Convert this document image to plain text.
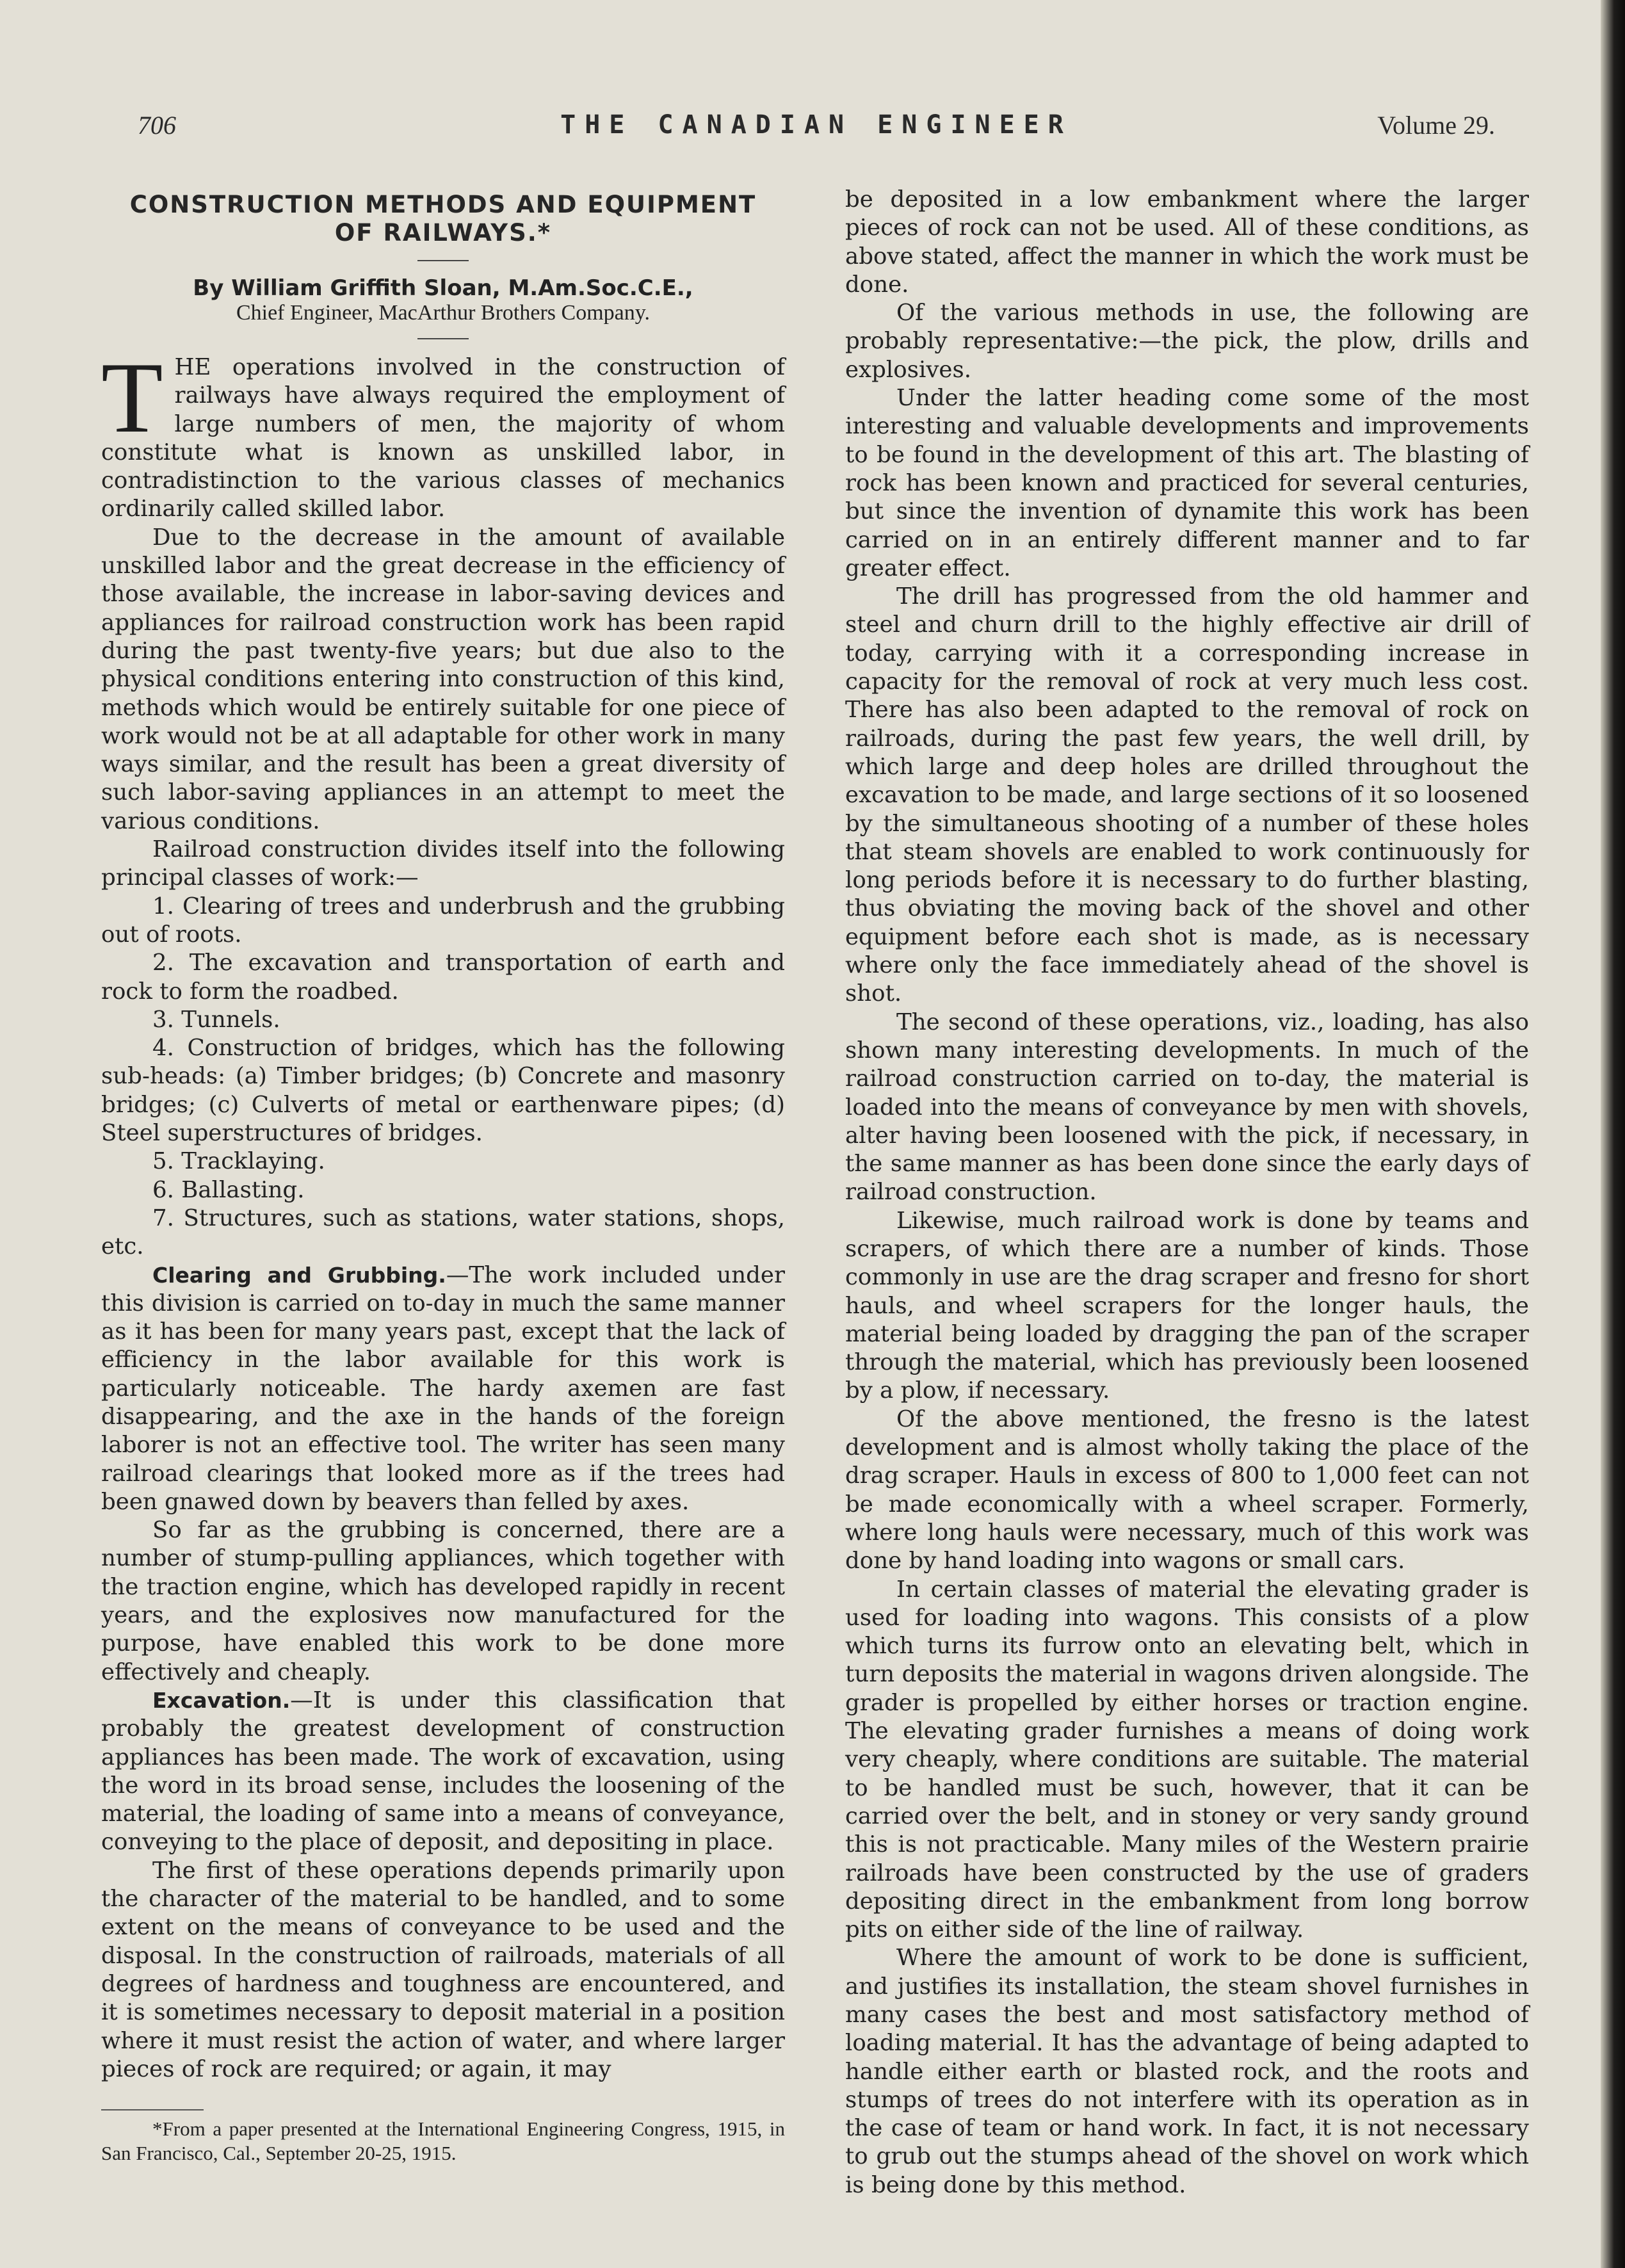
706	THE CANADIAN ENGINEER	Volume 29.
CONSTRUCTION METHODS AND EQUIPMENT
OF RAILWAYS.*
By William Griffith Sloan, M.Am.Soc.C.E.,
Chief Engineer, MacArthur Brothers Company.

THE operations involved in the construction of railways have always required the employment of large numbers of men, the majority of whom constitute what is known as unskilled labor, in contradistinction to the various classes of mechanics ordinarily called skilled labor.

Due to the decrease in the amount of available unskilled labor and the great decrease in the efficiency of those available, the increase in labor-saving devices and appliances for railroad construction work has been rapid during the past twenty-five years; but due also to the physical conditions entering into construction of this kind, methods which would be entirely suitable for one piece of work would not be at all adaptable for other work in many ways similar, and the result has been a great diversity of such labor-saving appliances in an attempt to meet the various conditions.

Railroad construction divides itself into the following principal classes of work:—

1. Clearing of trees and underbrush and the grubbing out of roots.

2. The excavation and transportation of earth and rock to form the roadbed.

3. Tunnels.

4. Construction of bridges, which has the following sub-heads: (a) Timber bridges; (b) Concrete and masonry bridges; (c) Culverts of metal or earthenware pipes; (d) Steel superstructures of bridges.

5. Tracklaying.

6. Ballasting.

7. Structures, such as stations, water stations, shops, etc.

Clearing and Grubbing.—The work included under this division is carried on to-day in much the same manner as it has been for many years past, except that the lack of efficiency in the labor available for this work is particularly noticeable. The hardy axemen are fast disappearing, and the axe in the hands of the foreign laborer is not an effective tool. The writer has seen many railroad clearings that looked more as if the trees had been gnawed down by beavers than felled by axes.

So far as the grubbing is concerned, there are a number of stump-pulling appliances, which together with the traction engine, which has developed rapidly in recent years, and the explosives now manufactured for the purpose, have enabled this work to be done more effectively and cheaply.

Excavation.—It is under this classification that probably the greatest development of construction appliances has been made. The work of excavation, using the word in its broad sense, includes the loosening of the material, the loading of same into a means of conveyance, conveying to the place of deposit, and depositing in place.

The first of these operations depends primarily upon the character of the material to be handled, and to some extent on the means of conveyance to be used and the disposal. In the construction of railroads, materials of all degrees of hardness and toughness are encountered, and it is sometimes necessary to deposit material in a position where it must resist the action of water, and where larger pieces of rock are required; or again, it may

*From a paper presented at the International Engineering Congress, 1915, in San Francisco, Cal., September 20-25, 1915.

be deposited in a low embankment where the larger pieces of rock can not be used. All of these conditions, as above stated, affect the manner in which the work must be done.

Of the various methods in use, the following are probably representative:—the pick, the plow, drills and explosives.

Under the latter heading come some of the most interesting and valuable developments and improvements to be found in the development of this art. The blasting of rock has been known and practiced for several centuries, but since the invention of dynamite this work has been carried on in an entirely different manner and to far greater effect.

The drill has progressed from the old hammer and steel and churn drill to the highly effective air drill of today, carrying with it a corresponding increase in capacity for the removal of rock at very much less cost. There has also been adapted to the removal of rock on railroads, during the past few years, the well drill, by which large and deep holes are drilled throughout the excavation to be made, and large sections of it so loosened by the simultaneous shooting of a number of these holes that steam shovels are enabled to work continuously for long periods before it is necessary to do further blasting, thus obviating the moving back of the shovel and other equipment before each shot is made, as is necessary where only the face immediately ahead of the shovel is shot.

The second of these operations, viz., loading, has also shown many interesting developments. In much of the railroad construction carried on to-day, the material is loaded into the means of conveyance by men with shovels, alter having been loosened with the pick, if necessary, in the same manner as has been done since the early days of railroad construction.

Likewise, much railroad work is done by teams and scrapers, of which there are a number of kinds. Those commonly in use are the drag scraper and fresno for short hauls, and wheel scrapers for the longer hauls, the material being loaded by dragging the pan of the scraper through the material, which has previously been loosened by a plow, if necessary.

Of the above mentioned, the fresno is the latest development and is almost wholly taking the place of the drag scraper. Hauls in excess of 800 to 1,000 feet can not be made economically with a wheel scraper. Formerly, where long hauls were necessary, much of this work was done by hand loading into wagons or small cars.

In certain classes of material the elevating grader is used for loading into wagons. This consists of a plow which turns its furrow onto an elevating belt, which in turn deposits the material in wagons driven alongside. The grader is propelled by either horses or traction engine. The elevating grader furnishes a means of doing work very cheaply, where conditions are suitable. The material to be handled must be such, however, that it can be carried over the belt, and in stoney or very sandy ground this is not practicable. Many miles of the Western prairie railroads have been constructed by the use of graders depositing direct in the embankment from long borrow pits on either side of the line of railway.

Where the amount of work to be done is sufficient, and justifies its installation, the steam shovel furnishes in many cases the best and most satisfactory method of loading material. It has the advantage of being adapted to handle either earth or blasted rock, and the roots and stumps of trees do not interfere with its operation as in the case of team or hand work. In fact, it is not necessary to grub out the stumps ahead of the shovel on work which is being done by this method.
